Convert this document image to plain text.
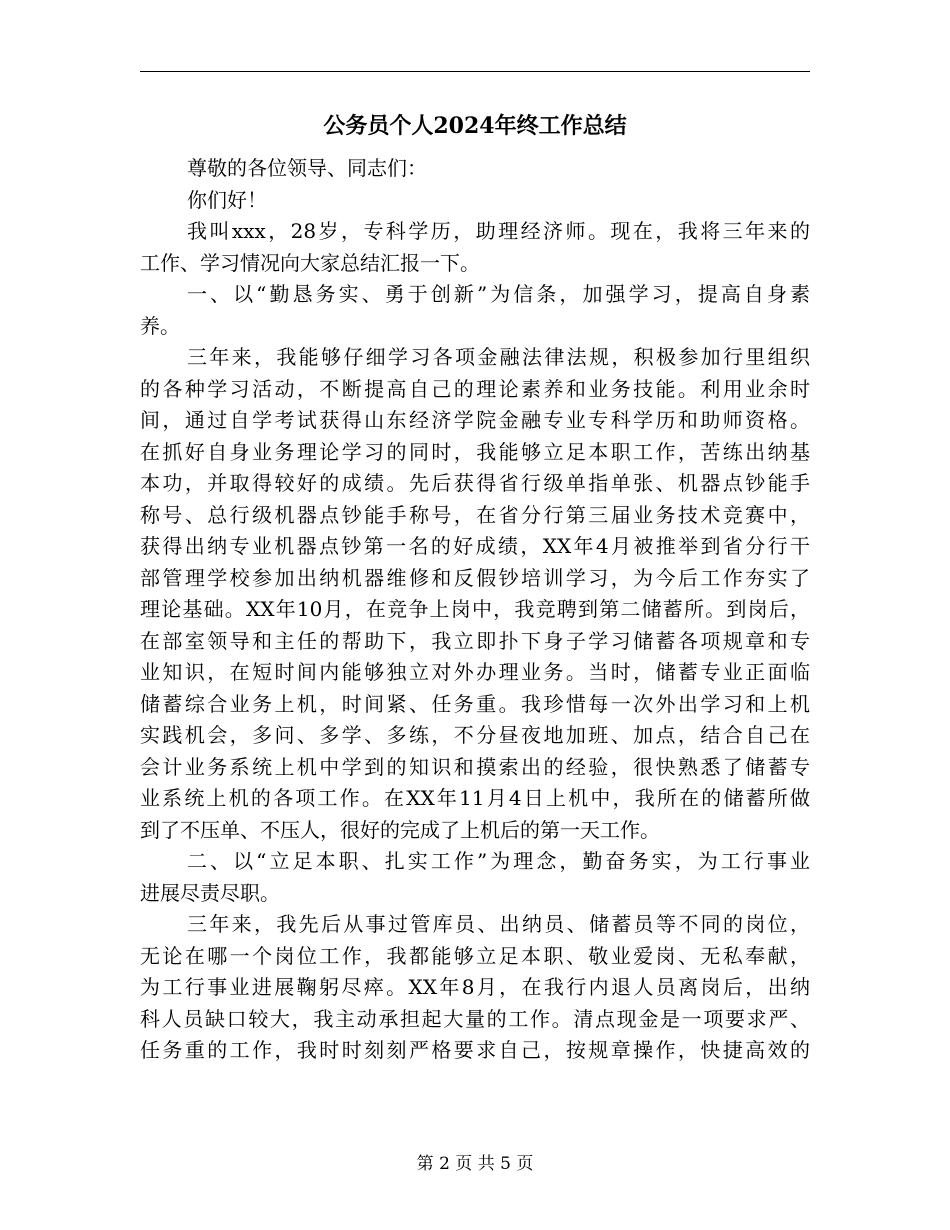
公务员个人2024年终工作总结
尊敬的各位领导、同志们：
你们好！
我叫xxx，28岁，专科学历，助理经济师。现在，我将三年来的
工作、学习情况向大家总结汇报一下。
一、以“勤恳务实、勇于创新”为信条，加强学习，提高自身素
养。
三年来，我能够仔细学习各项金融法律法规，积极参加行里组织
的各种学习活动，不断提高自己的理论素养和业务技能。利用业余时
间，通过自学考试获得山东经济学院金融专业专科学历和助师资格。
在抓好自身业务理论学习的同时，我能够立足本职工作，苦练出纳基
本功，并取得较好的成绩。先后获得省行级单指单张、机器点钞能手
称号、总行级机器点钞能手称号，在省分行第三届业务技术竞赛中，
获得出纳专业机器点钞第一名的好成绩，XX年4月被推举到省分行干
部管理学校参加出纳机器维修和反假钞培训学习，为今后工作夯实了
理论基础。XX年10月，在竞争上岗中，我竞聘到第二储蓄所。到岗后，
在部室领导和主任的帮助下，我立即扑下身子学习储蓄各项规章和专
业知识，在短时间内能够独立对外办理业务。当时，储蓄专业正面临
储蓄综合业务上机，时间紧、任务重。我珍惜每一次外出学习和上机
实践机会，多问、多学、多练，不分昼夜地加班、加点，结合自己在
会计业务系统上机中学到的知识和摸索出的经验，很快熟悉了储蓄专
业系统上机的各项工作。在XX年11月4日上机中，我所在的储蓄所做
到了不压单、不压人，很好的完成了上机后的第一天工作。
二、以“立足本职、扎实工作”为理念，勤奋务实，为工行事业
进展尽责尽职。
三年来，我先后从事过管库员、出纳员、储蓄员等不同的岗位，
无论在哪一个岗位工作，我都能够立足本职、敬业爱岗、无私奉献，
为工行事业进展鞠躬尽瘁。XX年8月，在我行内退人员离岗后，出纳
科人员缺口较大，我主动承担起大量的工作。清点现金是一项要求严、
任务重的工作，我时时刻刻严格要求自己，按规章操作，快捷高效的
第 2 页 共 5 页
